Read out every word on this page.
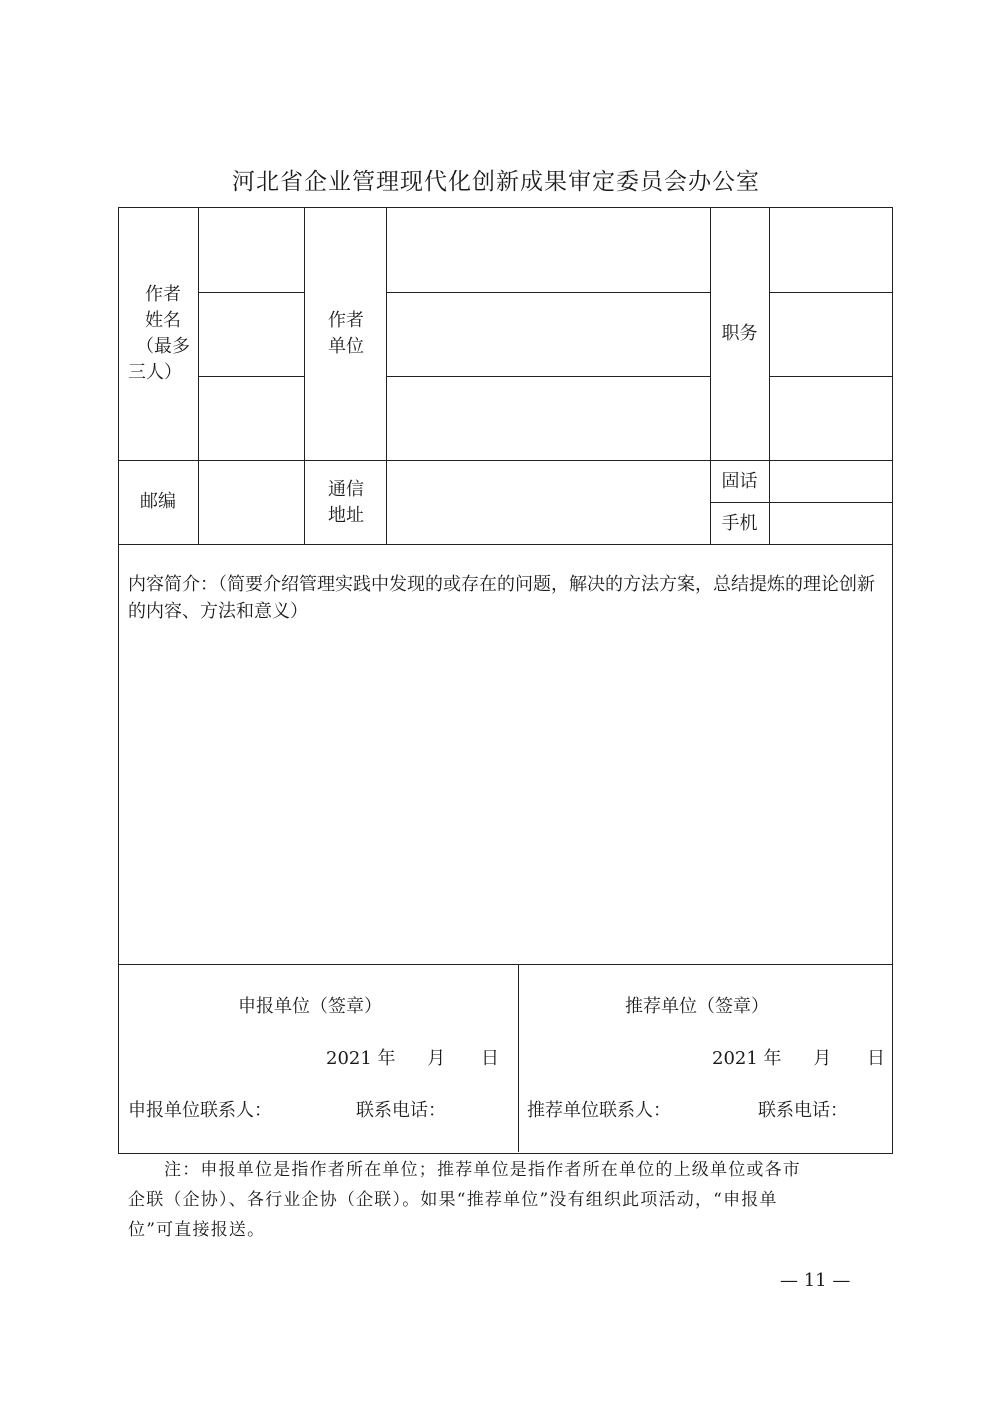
河北省企业管理现代化创新成果审定委员会办公室
作者
姓名
（最多
三人）
作者
单位
职务
邮编
通信
地址
固话
手机
内容简介：（简要介绍管理实践中发现的或存在的问题，解决的方法方案，总结提炼的理论创新的内容、方法和意义）
申报单位（签章）
2021 年 月 日
申报单位联系人：	联系电话：
推荐单位（签章）
2021 年 月 日
推荐单位联系人：	联系电话：

注：申报单位是指作者所在单位；推荐单位是指作者所在单位的上级单位或各市

企联（企协）、各行业企协（企联）。如果“推荐单位”没有组织此项活动，“申报单

位”可直接报送。

— 11 —
